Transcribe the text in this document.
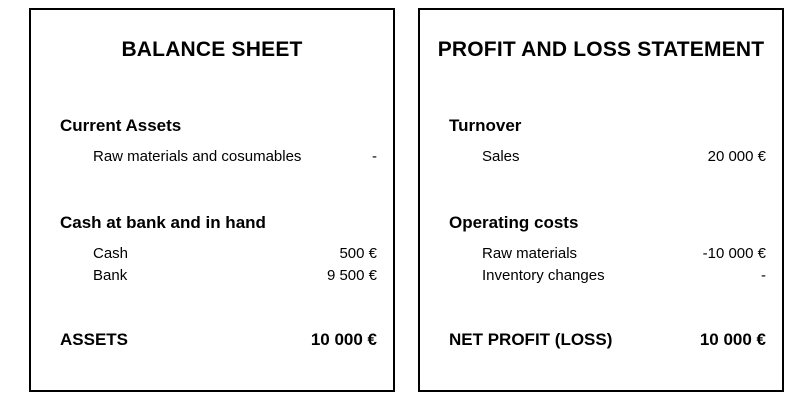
BALANCE SHEET
Current Assets
Raw materials and cosumables	-
Cash at bank and in hand
Cash	500 €
Bank	9 500 €
ASSETS	10 000 €
PROFIT AND LOSS STATEMENT
Turnover
Sales	20 000 €
Operating costs
Raw materials	-10 000 €
Inventory changes	-
NET PROFIT (LOSS)	10 000 €
